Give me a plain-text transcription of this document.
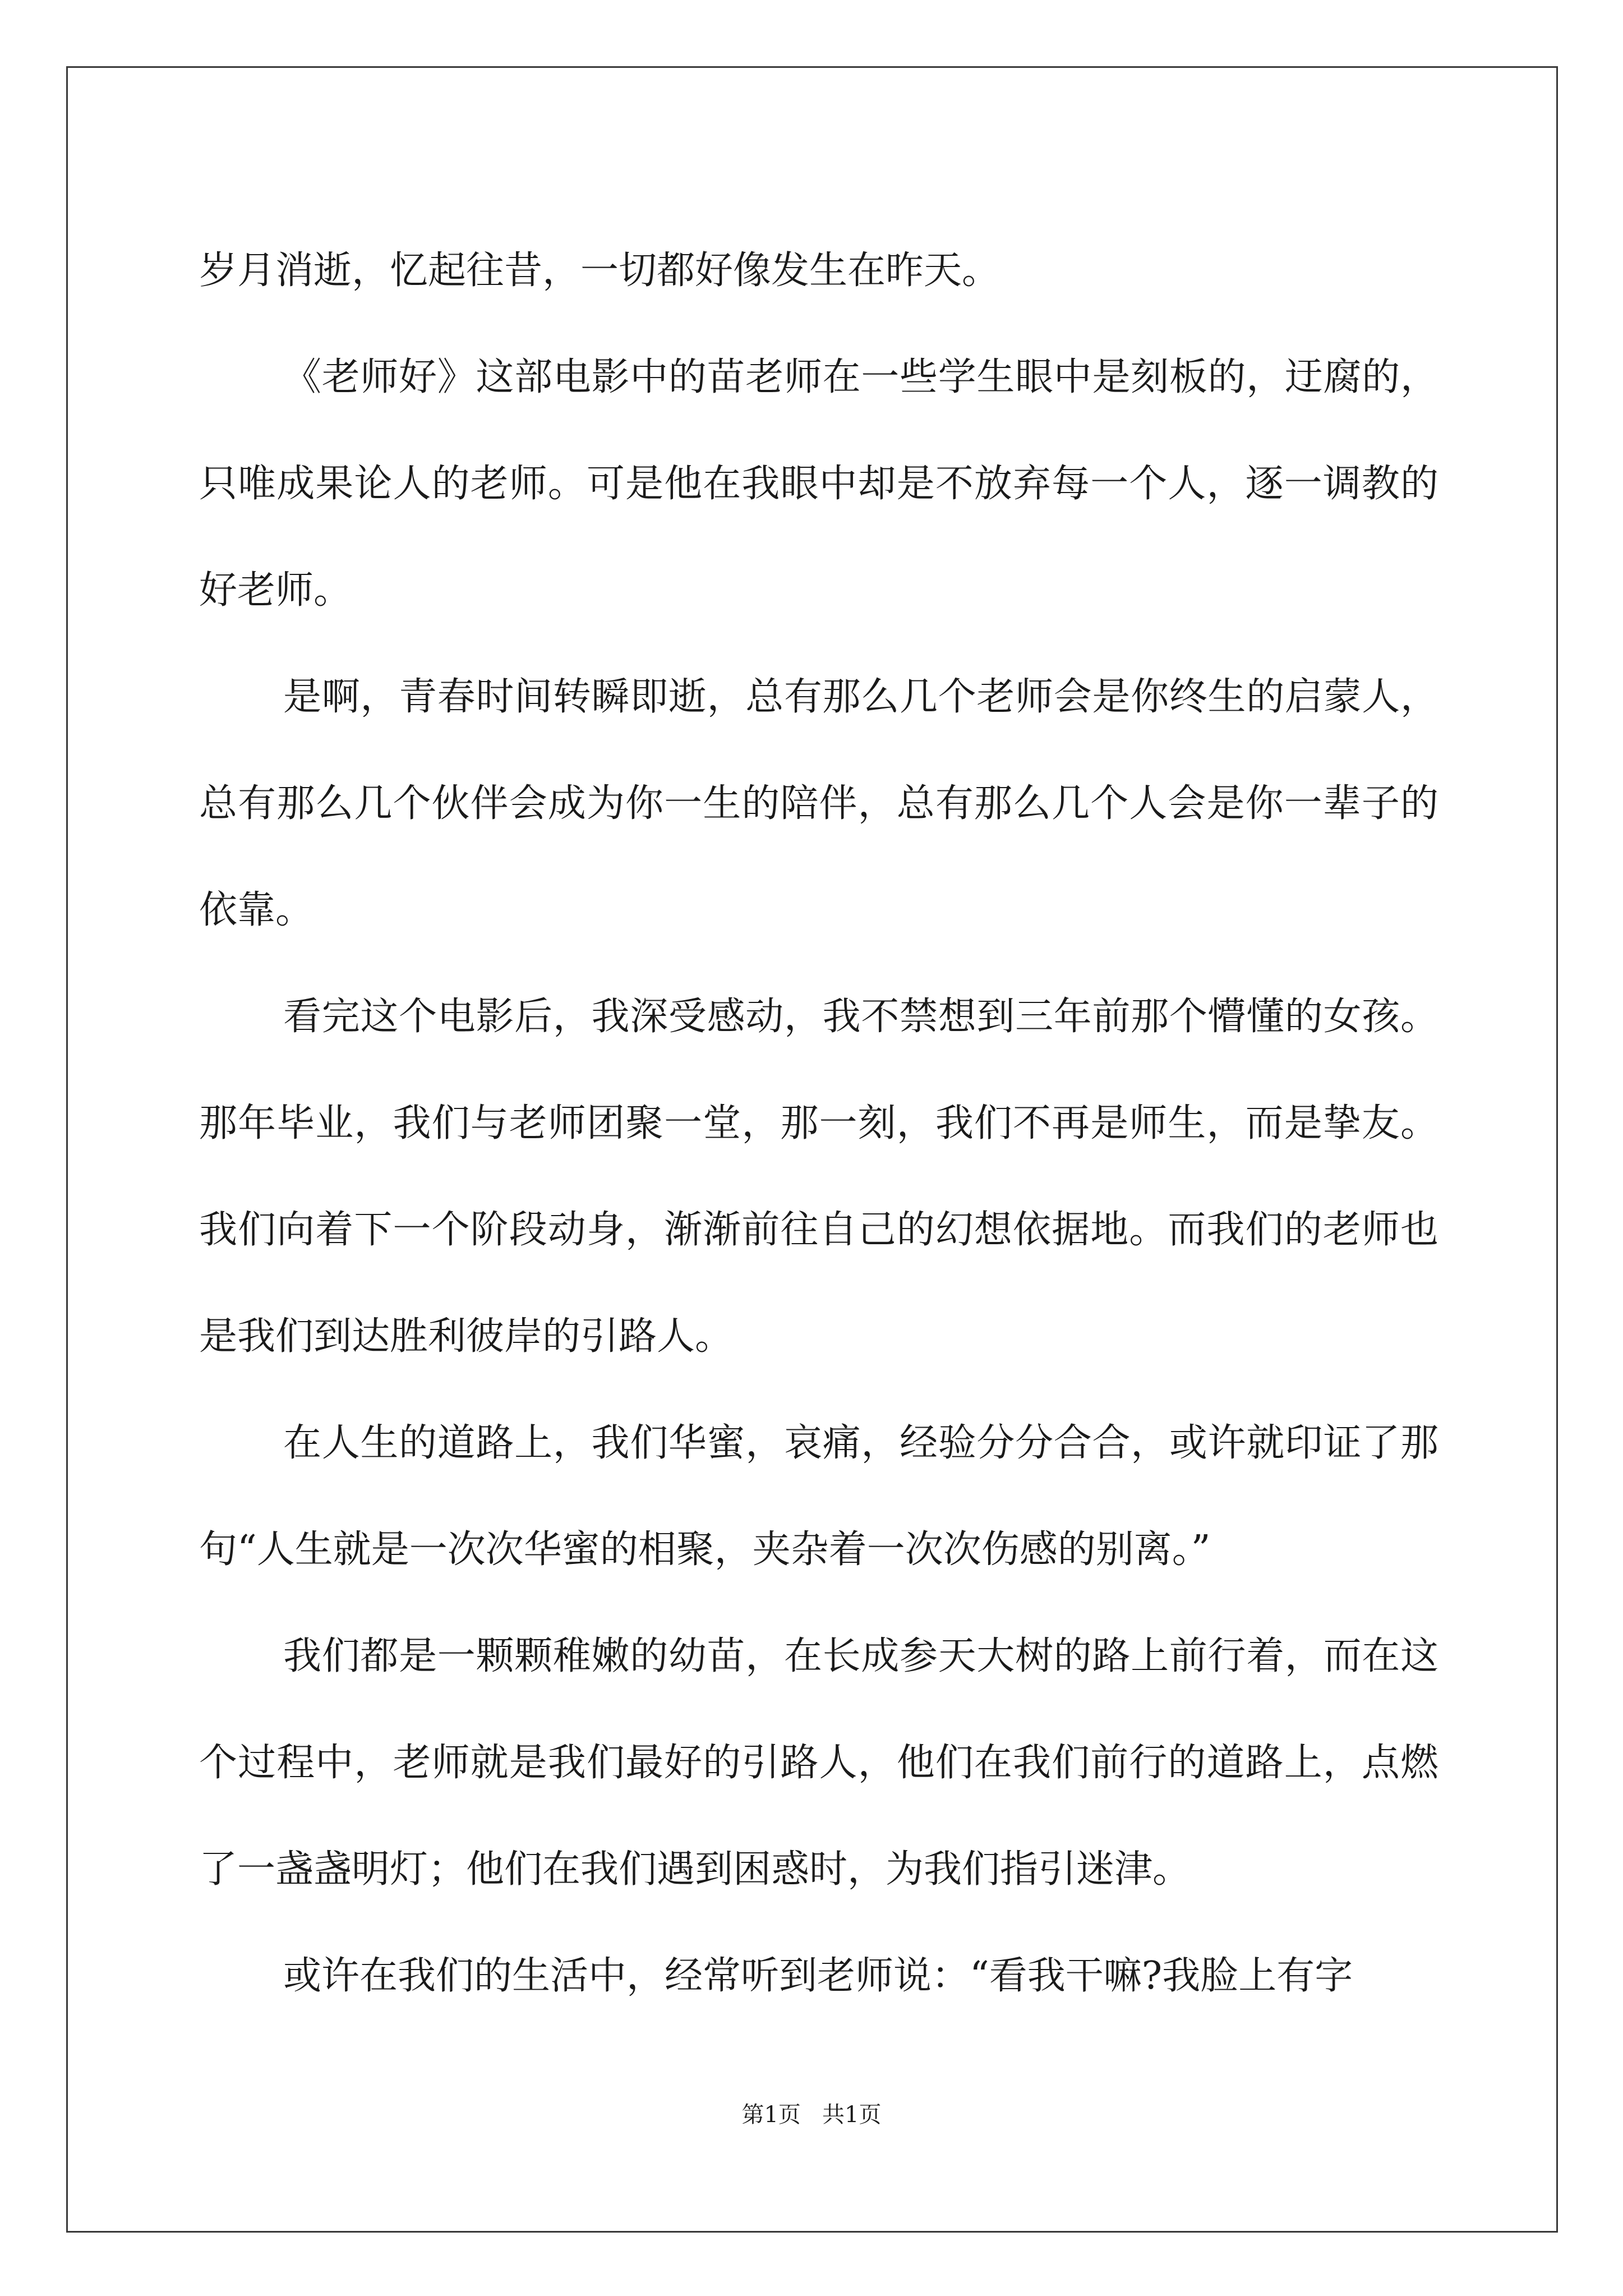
岁月消逝，忆起往昔，一切都好像发生在昨天。

《老师好》这部电影中的苗老师在一些学生眼中是刻板的，迂腐的，只唯成果论人的老师。可是他在我眼中却是不放弃每一个人，逐一调教的好老师。

是啊，青春时间转瞬即逝，总有那么几个老师会是你终生的启蒙人，总有那么几个伙伴会成为你一生的陪伴，总有那么几个人会是你一辈子的依靠。

看完这个电影后，我深受感动，我不禁想到三年前那个懵懂的女孩。那年毕业，我们与老师团聚一堂，那一刻，我们不再是师生，而是挚友。我们向着下一个阶段动身，渐渐前往自己的幻想依据地。而我们的老师也是我们到达胜利彼岸的引路人。

在人生的道路上，我们华蜜，哀痛，经验分分合合，或许就印证了那句“人生就是一次次华蜜的相聚，夹杂着一次次伤感的别离。”

我们都是一颗颗稚嫩的幼苗，在长成参天大树的路上前行着，而在这个过程中，老师就是我们最好的引路人，他们在我们前行的道路上，点燃了一盏盏明灯；他们在我们遇到困惑时，为我们指引迷津。

或许在我们的生活中，经常听到老师说：“看我干嘛?我脸上有字

第1页   共1页
